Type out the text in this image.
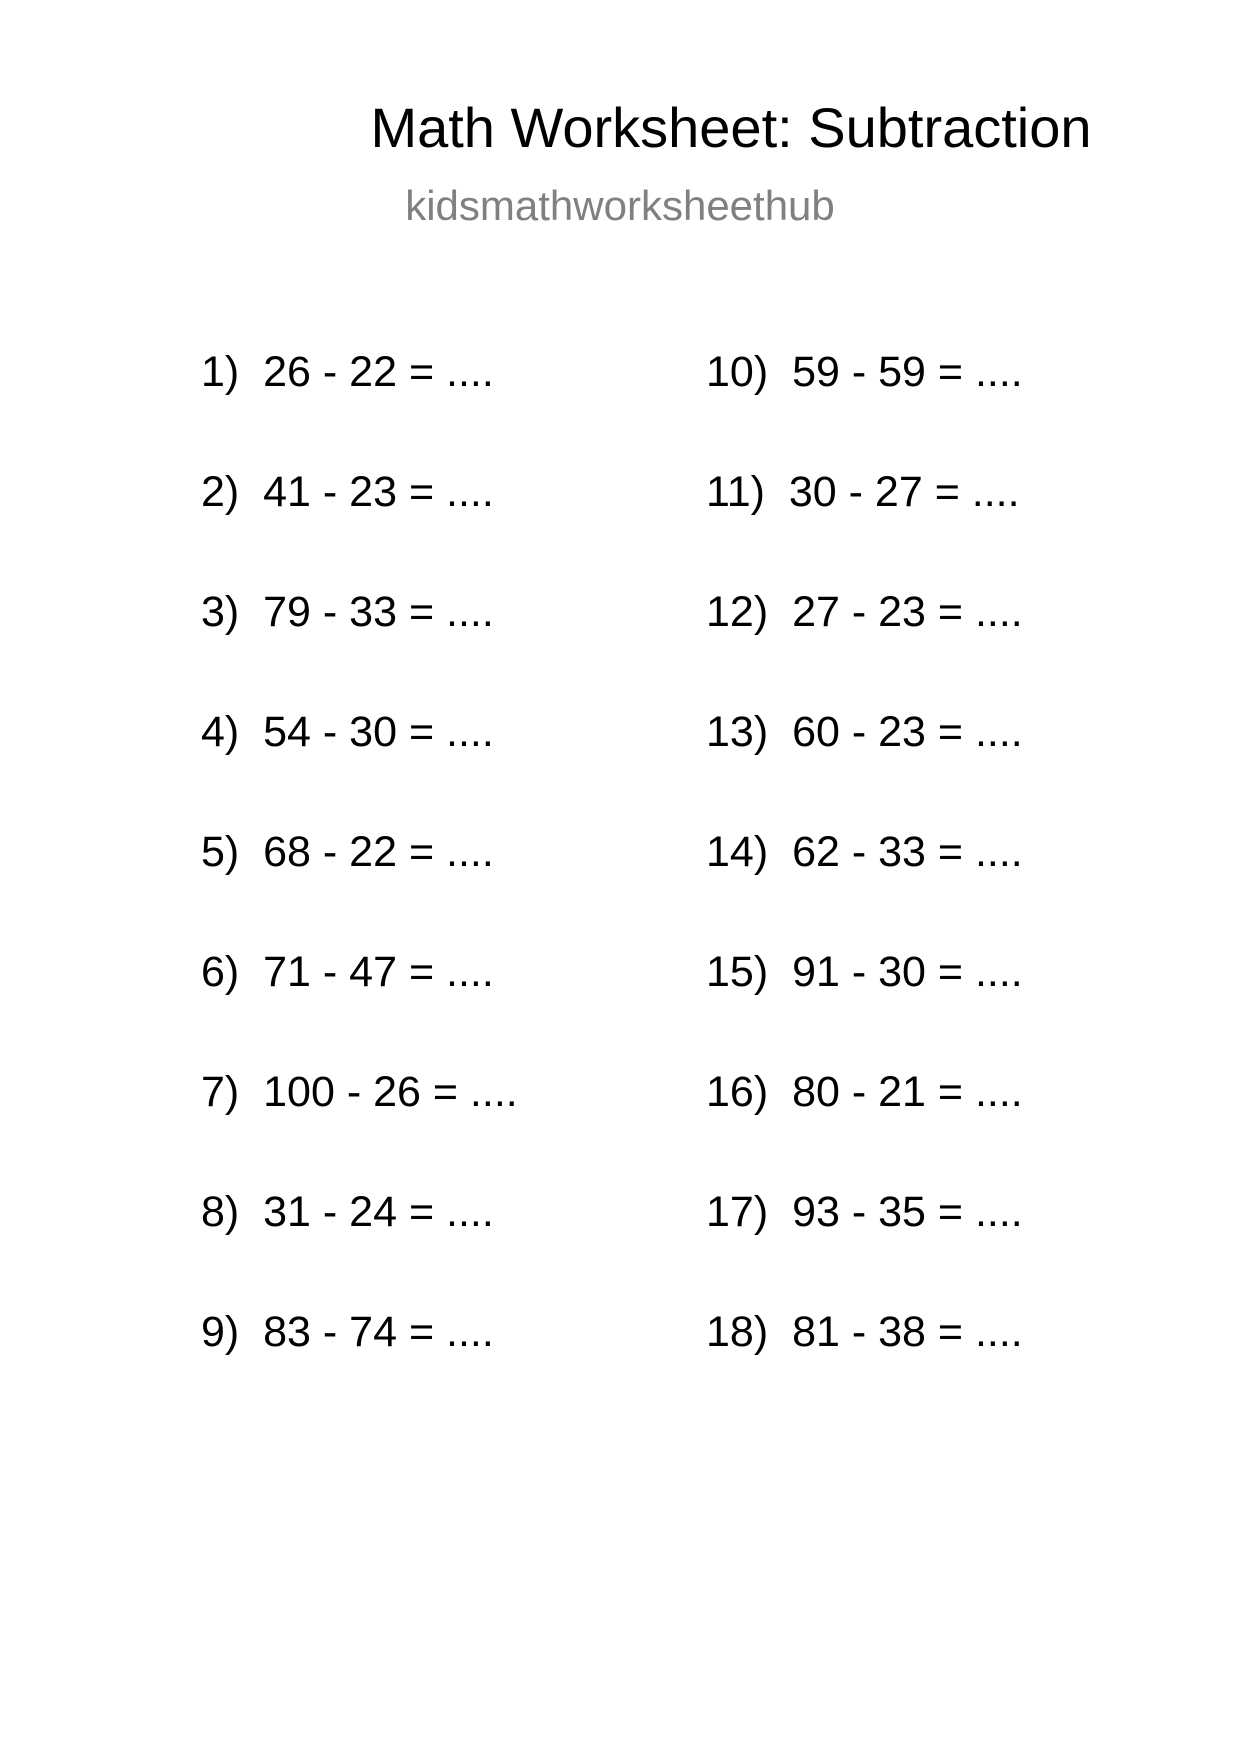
Math Worksheet: Subtraction
kidsmathworksheethub
1) 26 - 22 = ....
2) 41 - 23 = ....
3) 79 - 33 = ....
4) 54 - 30 = ....
5) 68 - 22 = ....
6) 71 - 47 = ....
7) 100 - 26 = ....
8) 31 - 24 = ....
9) 83 - 74 = ....
10) 59 - 59 = ....
11) 30 - 27 = ....
12) 27 - 23 = ....
13) 60 - 23 = ....
14) 62 - 33 = ....
15) 91 - 30 = ....
16) 80 - 21 = ....
17) 93 - 35 = ....
18) 81 - 38 = ....
